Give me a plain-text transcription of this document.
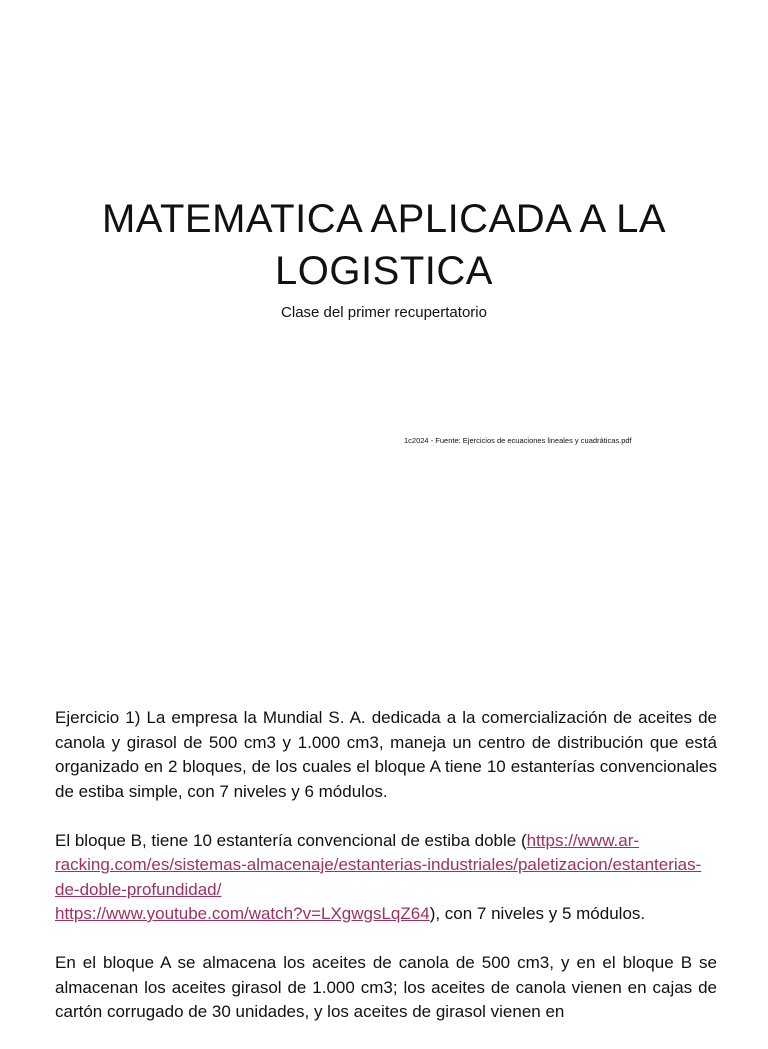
MATEMATICA APLICADA A LA LOGISTICA

Clase del primer recupertatorio

1c2024 - Fuente: Ejercicios de ecuaciones lineales y cuadráticas.pdf

Ejercicio 1) La empresa la Mundial S. A. dedicada a la comercialización de aceites de canola y girasol de 500 cm3 y 1.000 cm3, maneja un centro de distribución que está organizado en 2 bloques, de los cuales el bloque A tiene 10 estanterías convencionales de estiba simple, con 7 niveles y 6 módulos.

El bloque B, tiene 10 estantería convencional de estiba doble (https://www.ar-racking.com/es/sistemas-almacenaje/estanterias-industriales/paletizacion/estanterias-de-doble-profundidad/
https://www.youtube.com/watch?v=LXgwgsLqZ64), con 7 niveles y 5 módulos.

En el bloque A se almacena los aceites de canola de 500 cm3, y en el bloque B se almacenan los aceites girasol de 1.000 cm3; los aceites de canola vienen en cajas de cartón corrugado de 30 unidades, y los aceites de girasol vienen en
